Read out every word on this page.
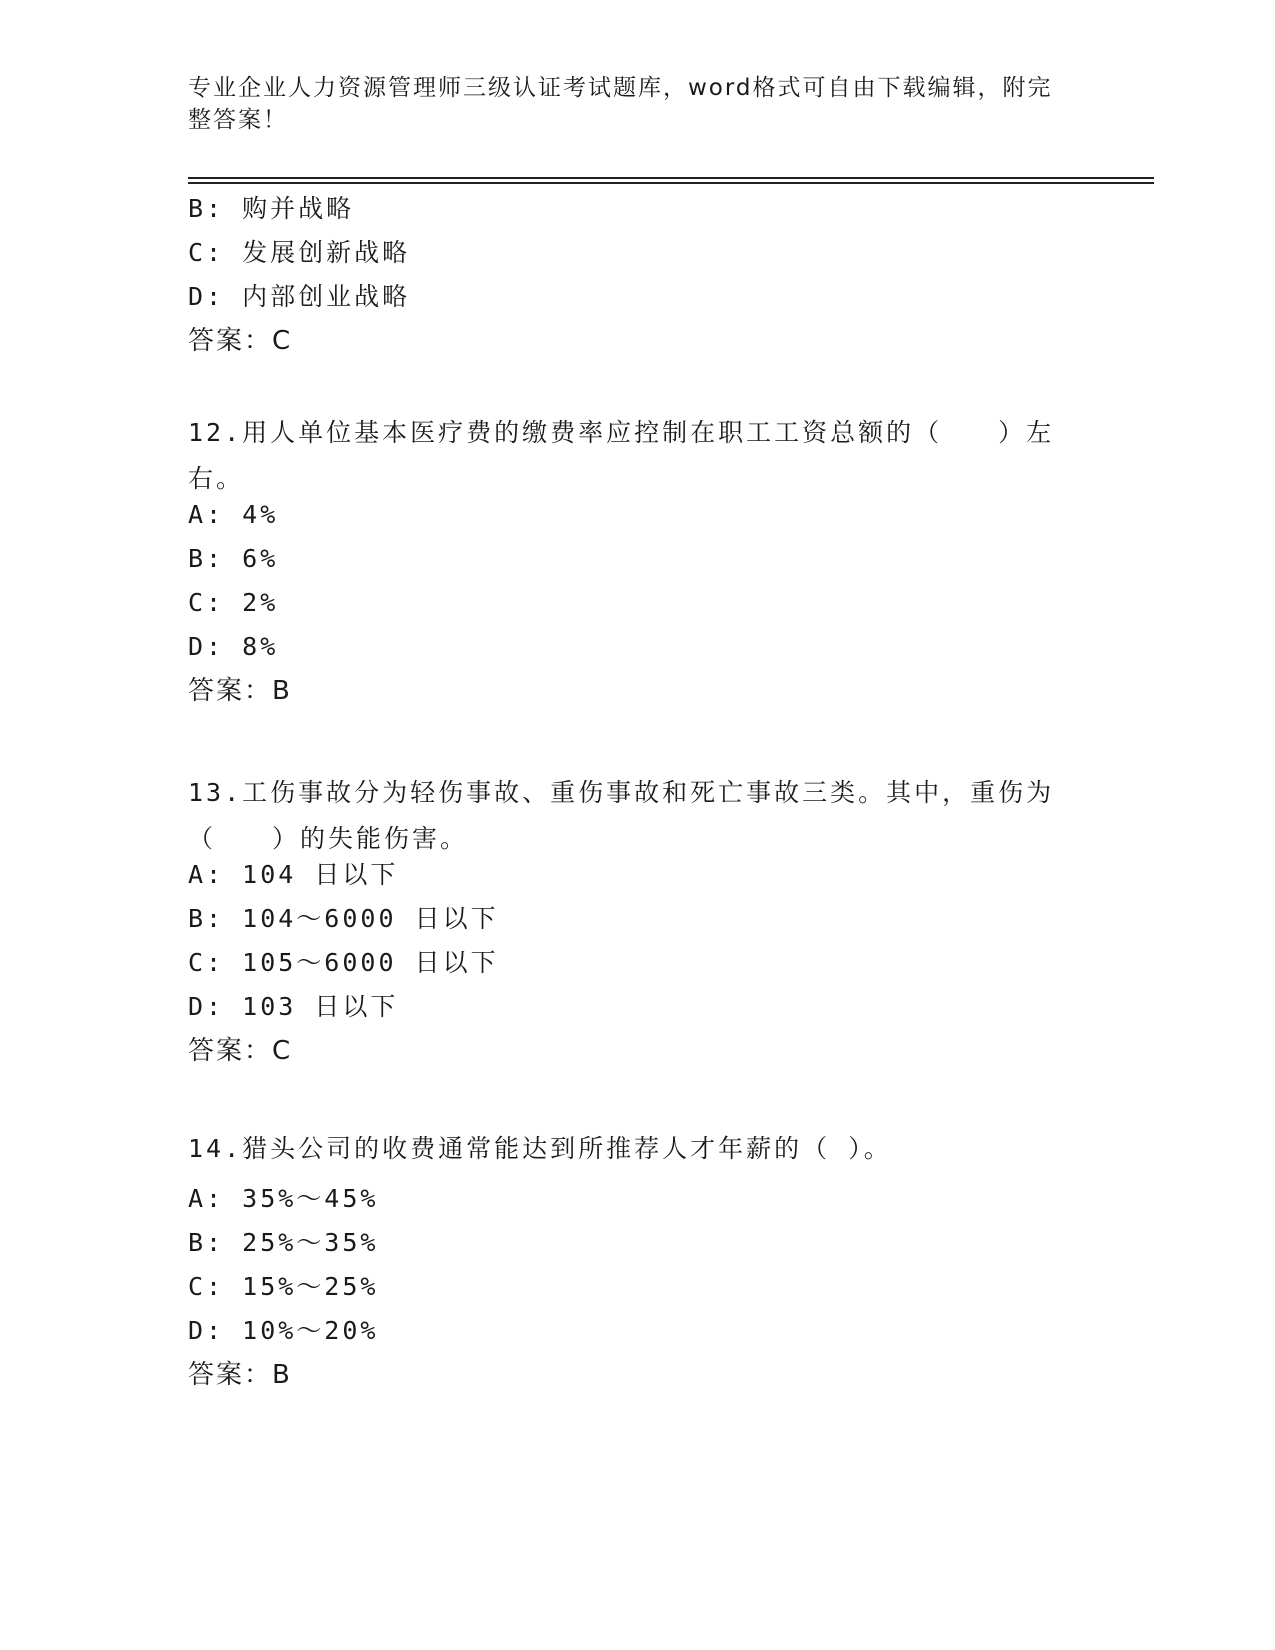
专业企业人力资源管理师三级认证考试题库，word格式可自由下载编辑，附完整答案！
B: 购并战略
C: 发展创新战略
D: 内部创业战略
答案：C
12.用人单位基本医疗费的缴费率应控制在职工工资总额的（　　）左右。
A: 4%
B: 6%
C: 2%
D: 8%
答案：B
13.工伤事故分为轻伤事故、重伤事故和死亡事故三类。其中，重伤为（　　）的失能伤害。
A: 104 日以下
B: 104～6000 日以下
C: 105～6000 日以下
D: 103 日以下
答案：C
14.猎头公司的收费通常能达到所推荐人才年薪的（ ）。
A: 35%～45%
B: 25%～35%
C: 15%～25%
D: 10%～20%
答案：B
